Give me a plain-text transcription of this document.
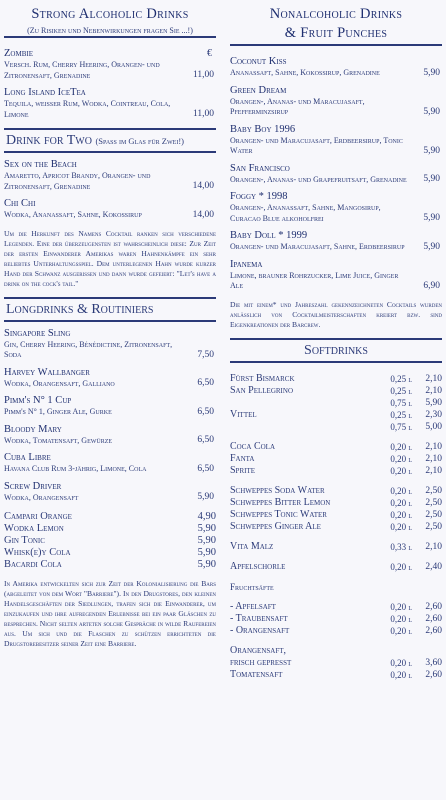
Strong Alcoholic Drinks
(Zu Risiken und Nebenwirkungen fragen Sie ...!)
€
Zombie
Versch. Rum, Cherry Heering, Orangen- und Zitronensaft, Grenadine	11,00
Long Island IceTea
Tequila, weißer Rum, Wodka, Cointreau, Cola, Limone	11,00
Drink for Two (Spass im Glas für Zwei!)
Sex on the Beach
Amaretto, Apricot Brandy, Orangen- und Zitronensaft, Grenadine	14,00
Chi Chi
Wodka, Ananassaft, Sahne, Kokossirup	14,00
Um die Herkunft des Namens Cocktail ranken sich verschiedene Legenden. Eine der überzeugensten ist wahrscheinlich diese: Zur Zeit der ersten Einwanderer Amerikas waren Hahnenkämpfe ein sehr beliebtes Unterhaltungsspiel. Dem unterlegenen Hahn wurde kurzer Hand der Schwanz ausgerissen und dann wurde gefeiert: "Let's have a drink on the cock's tail."
Longdrinks & Routiniers
Singapore Sling
Gin, Cherry Heering, Bénédictine, Zitronensaft, Soda	7,50
Harvey Wallbanger
Wodka, Orangensaft, Galliano	6,50
Pimm's N° 1 Cup
Pimm's N° 1, Ginger Ale, Gurke	6,50
Bloody Mary
Wodka, Tomatensaft, Gewürze	6,50
Cuba Libre
Havana Club Rum 3-jährig, Limone, Cola	6,50
Screw Driver
Wodka, Orangensaft	5,90
Campari Orange	4,90
Wodka Lemon	5,90
Gin Tonic	5,90
Whisk(e)y Cola	5,90
Bacardi Cola	5,90
In Amerika entwickelten sich zur Zeit der Kolonialisierung die Bars (abgeleitet von dem Wort "Barriere"). In den Drugstores, den kleinen Handelsgeschäften der Siedlungen, trafen sich die Einwanderer, um einzukaufen und ihre aufregenden Erlebnisse bei ein paar Gläschen zu besprechen. Nicht selten arteten solche Gespräche in wilde Raufereien aus. Um sich und die Flaschen zu schützen errichteten die Drugstorebesitzer seiner Zeit eine Barriere.
Nonalcoholic Drinks
& Fruit Punches
Coconut Kiss
Ananassaft, Sahne, Kokossirup, Grenadine	5,90
Green Dream
Orangen-, Ananas- und Maracujasaft, Pfefferminzsirup	5,90
Baby Boy 1996
Orangen- und Maracujasaft, Erdbeersirup, Tonic Water	5,90
San Francisco
Orangen-, Ananas- und Grapefruitsaft, Grenadine 5,90
Foggy * 1998
Orangen-, Ananassaft, Sahne, Mangosirup, Curacao Blue alkoholfrei	5,90
Baby Doll * 1999
Orangen- und Maracujasaft, Sahne, Erdbeersirup	5,90
Ipanema
Limone, brauner Rohrzucker, Lime Juice, Ginger Ale	6,90
Die mit einem* und Jahreszahl gekennzeichneten Cocktails wurden anlässlich von Cocktailmeisterschaften kreiert bzw. sind Eigenkreationen der Barcrew.
Softdrinks
Fürst Bismarck	0,25 l	2,10
San Pellegrino	0,25 l	2,10
0,75 l	5,90
Vittel	0,25 l	2,30
0,75 l	5,00
Coca Cola	0,20 l	2,10
Fanta	0,20 l	2,10
Sprite	0,20 l	2,10
Schweppes Soda Water	0,20 l	2,50
Schweppes Bitter Lemon	0,20 l	2,50
Schweppes Tonic Water	0,20 l	2,50
Schweppes Ginger Ale	0,20 l	2,50
Vita Malz	0,33 l	2,10
Apfelschorle	0,20 l	2,40
Fruchtsäfte
- Apfelsaft	0,20 l	2,60
- Traubensaft	0,20 l	2,60
- Orangensaft	0,20 l	2,60
Orangensaft,
frisch gepresst	0,20 l	3,60
Tomatensaft	0,20 l	2,60
